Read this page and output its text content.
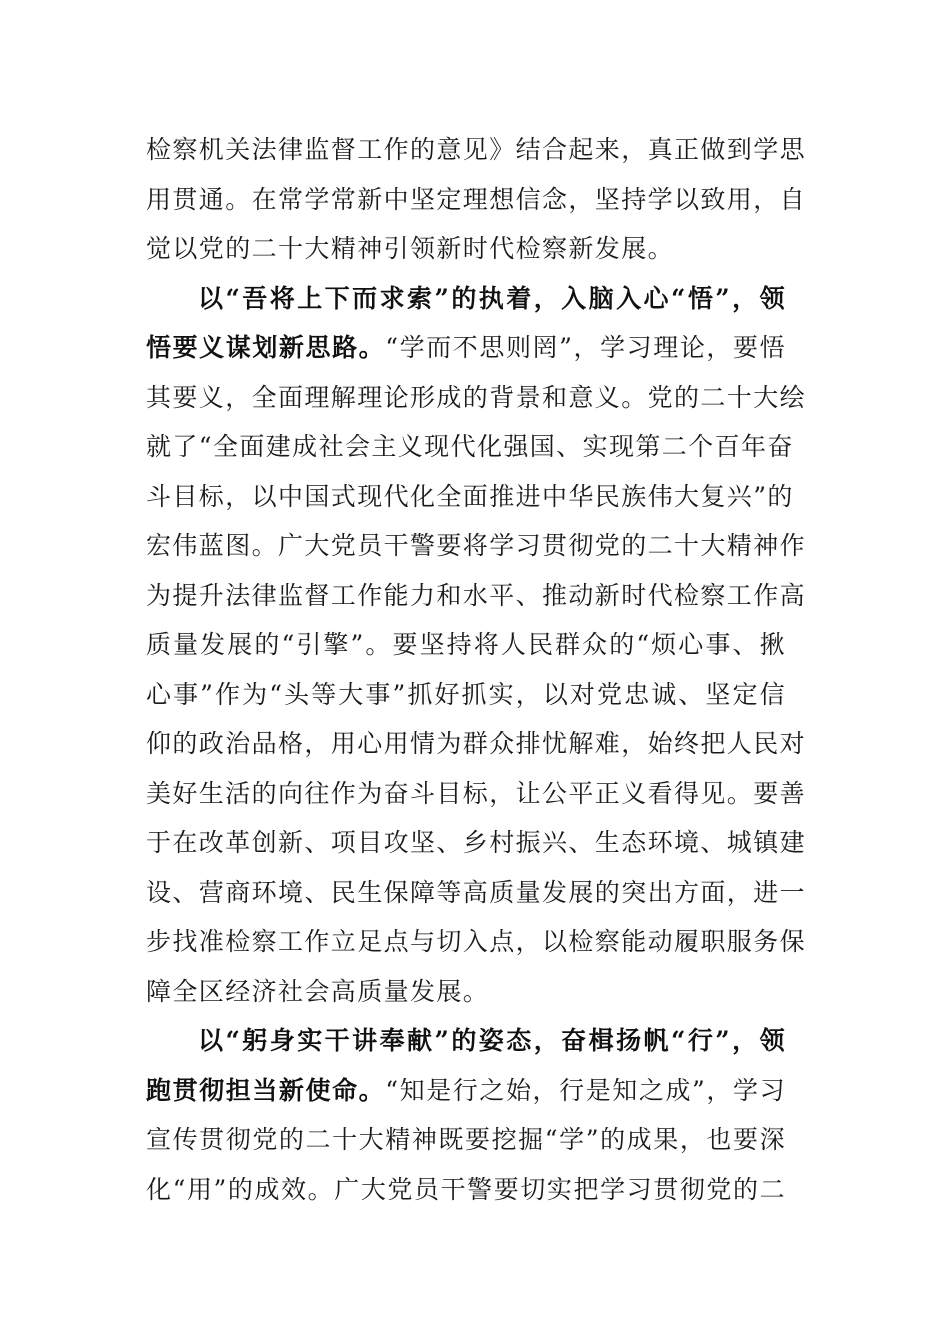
检察机关法律监督工作的意见》结合起来，真正做到学思
用贯通。在常学常新中坚定理想信念，坚持学以致用，自
觉以党的二十大精神引领新时代检察新发展。
以“吾将上下而求索”的执着，入脑入心“悟”，领
悟要义谋划新思路。“学而不思则罔”，学习理论，要悟
其要义，全面理解理论形成的背景和意义。党的二十大绘
就了“全面建成社会主义现代化强国、实现第二个百年奋
斗目标，以中国式现代化全面推进中华民族伟大复兴”的
宏伟蓝图。广大党员干警要将学习贯彻党的二十大精神作
为提升法律监督工作能力和水平、推动新时代检察工作高
质量发展的“引擎”。要坚持将人民群众的“烦心事、揪
心事”作为“头等大事”抓好抓实，以对党忠诚、坚定信
仰的政治品格，用心用情为群众排忧解难，始终把人民对
美好生活的向往作为奋斗目标，让公平正义看得见。要善
于在改革创新、项目攻坚、乡村振兴、生态环境、城镇建
设、营商环境、民生保障等高质量发展的突出方面，进一
步找准检察工作立足点与切入点，以检察能动履职服务保
障全区经济社会高质量发展。
以“躬身实干讲奉献”的姿态，奋楫扬帆“行”，领
跑贯彻担当新使命。“知是行之始，行是知之成”，学习
宣传贯彻党的二十大精神既要挖掘“学”的成果，也要深
化“用”的成效。广大党员干警要切实把学习贯彻党的二
